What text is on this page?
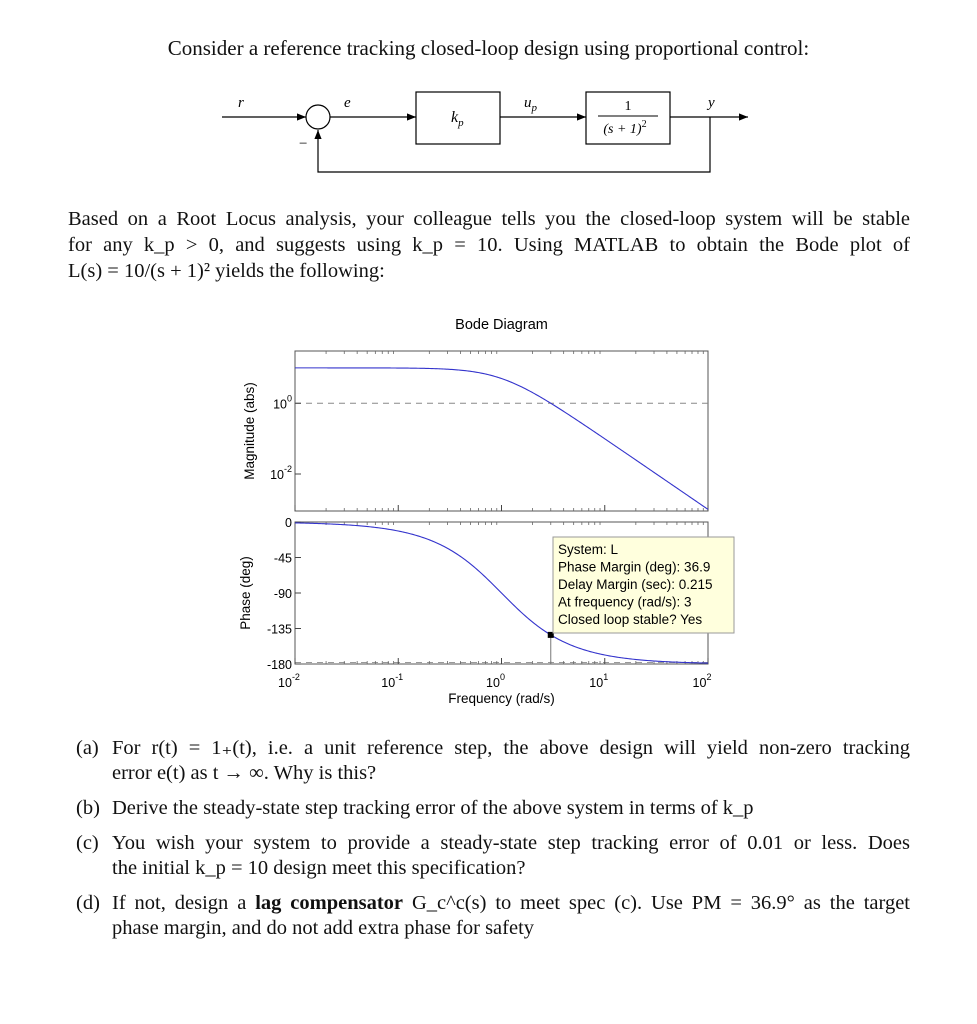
Consider a reference tracking closed-loop design using proportional control:
r	e	$u_p$	y
$k_p$
1
$(s + 1)^2$
−
Based on a Root Locus analysis, your colleague tells you the closed-loop system will be stable
for any k_p > 0, and suggests using k_p = 10. Using MATLAB to obtain the Bode plot of
L(s) = 10/(s + 1)² yields the following:
Bode Diagram
$10^{-2}$	$10^{-1}$	$10^0$	$10^1$	$10^2$
$10^0$
$10^{-2}$
0
-45
-90
-135
-180
Frequency (rad/s)
Magnitude (abs)
Phase (deg)
System: L
Phase Margin (deg): 36.9
Delay Margin (sec): 0.215
At frequency (rad/s): 3
Closed loop stable? Yes
(a) For r(t) = 1₊(t), i.e. a unit reference step, the above design will yield non-zero tracking
error e(t) as t → ∞. Why is this?
(b) Derive the steady-state step tracking error of the above system in terms of k_p
(c) You wish your system to provide a steady-state step tracking error of 0.01 or less. Does
the initial k_p = 10 design meet this specification?
(d) If not, design a lag compensator G_c^c(s) to meet spec (c). Use PM = 36.9° as the target
phase margin, and do not add extra phase for safety
